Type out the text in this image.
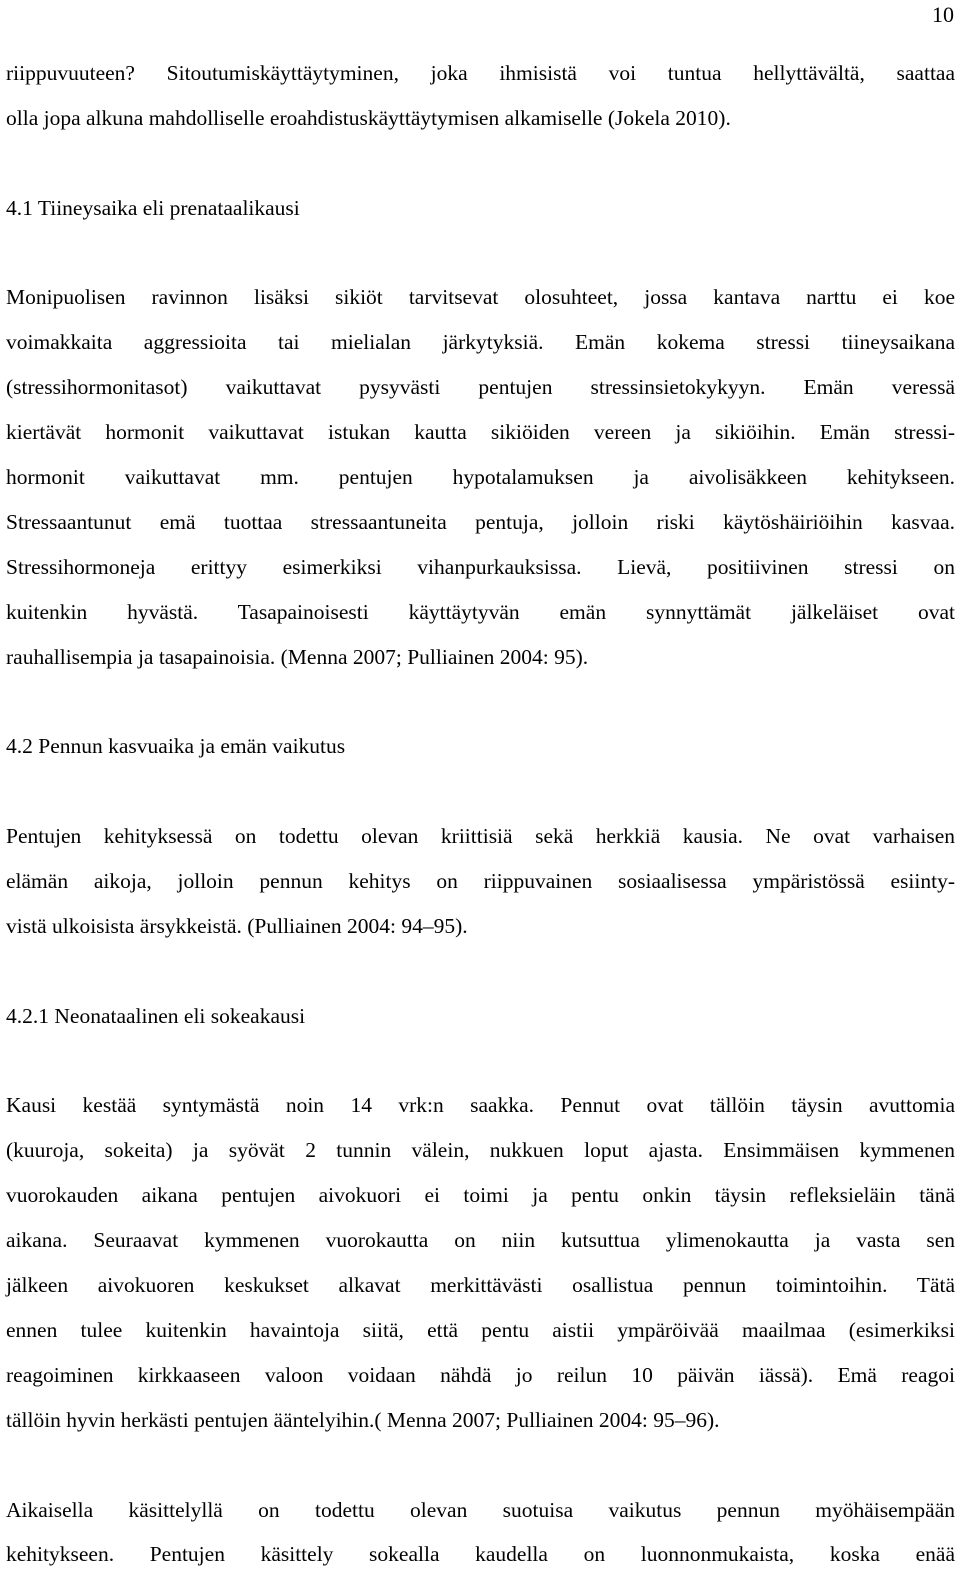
10
riippuvuuteen? Sitoutumiskäyttäytyminen, joka ihmisistä voi tuntua hellyttävältä, saattaa
olla jopa alkuna mahdolliselle eroahdistuskäyttäytymisen alkamiselle (Jokela 2010).
4.1 Tiineysaika eli prenataalikausi
Monipuolisen ravinnon lisäksi sikiöt tarvitsevat olosuhteet, jossa kantava narttu ei koe
voimakkaita aggressioita tai mielialan järkytyksiä. Emän kokema stressi tiineysaikana
(stressihormonitasot) vaikuttavat pysyvästi pentujen stressinsietokykyyn. Emän veressä
kiertävät hormonit vaikuttavat istukan kautta sikiöiden vereen ja sikiöihin. Emän stressi-
hormonit vaikuttavat mm. pentujen hypotalamuksen ja aivolisäkkeen kehitykseen.
Stressaantunut emä tuottaa stressaantuneita pentuja, jolloin riski käytöshäiriöihin kasvaa.
Stressihormoneja erittyy esimerkiksi vihanpurkauksissa. Lievä, positiivinen stressi on
kuitenkin hyvästä. Tasapainoisesti käyttäytyvän emän synnyttämät jälkeläiset ovat
rauhallisempia ja tasapainoisia. (Menna 2007; Pulliainen 2004: 95).
4.2 Pennun kasvuaika ja emän vaikutus
Pentujen kehityksessä on todettu olevan kriittisiä sekä herkkiä kausia. Ne ovat varhaisen
elämän aikoja, jolloin pennun kehitys on riippuvainen sosiaalisessa ympäristössä esiinty-
vistä ulkoisista ärsykkeistä. (Pulliainen 2004: 94–95).
4.2.1 Neonataalinen eli sokeakausi
Kausi kestää syntymästä noin 14 vrk:n saakka. Pennut ovat tällöin täysin avuttomia
(kuuroja, sokeita) ja syövät 2 tunnin välein, nukkuen loput ajasta. Ensimmäisen kymmenen
vuorokauden aikana pentujen aivokuori ei toimi ja pentu onkin täysin refleksieläin tänä
aikana. Seuraavat kymmenen vuorokautta on niin kutsuttua ylimenokautta ja vasta sen
jälkeen aivokuoren keskukset alkavat merkittävästi osallistua pennun toimintoihin. Tätä
ennen tulee kuitenkin havaintoja siitä, että pentu aistii ympäröivää maailmaa (esimerkiksi
reagoiminen kirkkaaseen valoon voidaan nähdä jo reilun 10 päivän iässä). Emä reagoi
tällöin hyvin herkästi pentujen ääntelyihin.( Menna 2007; Pulliainen 2004: 95–96).
Aikaisella käsittelyllä on todettu olevan suotuisa vaikutus pennun myöhäisempään
kehitykseen. Pentujen käsittely sokealla kaudella on luonnonmukaista, koska enää
